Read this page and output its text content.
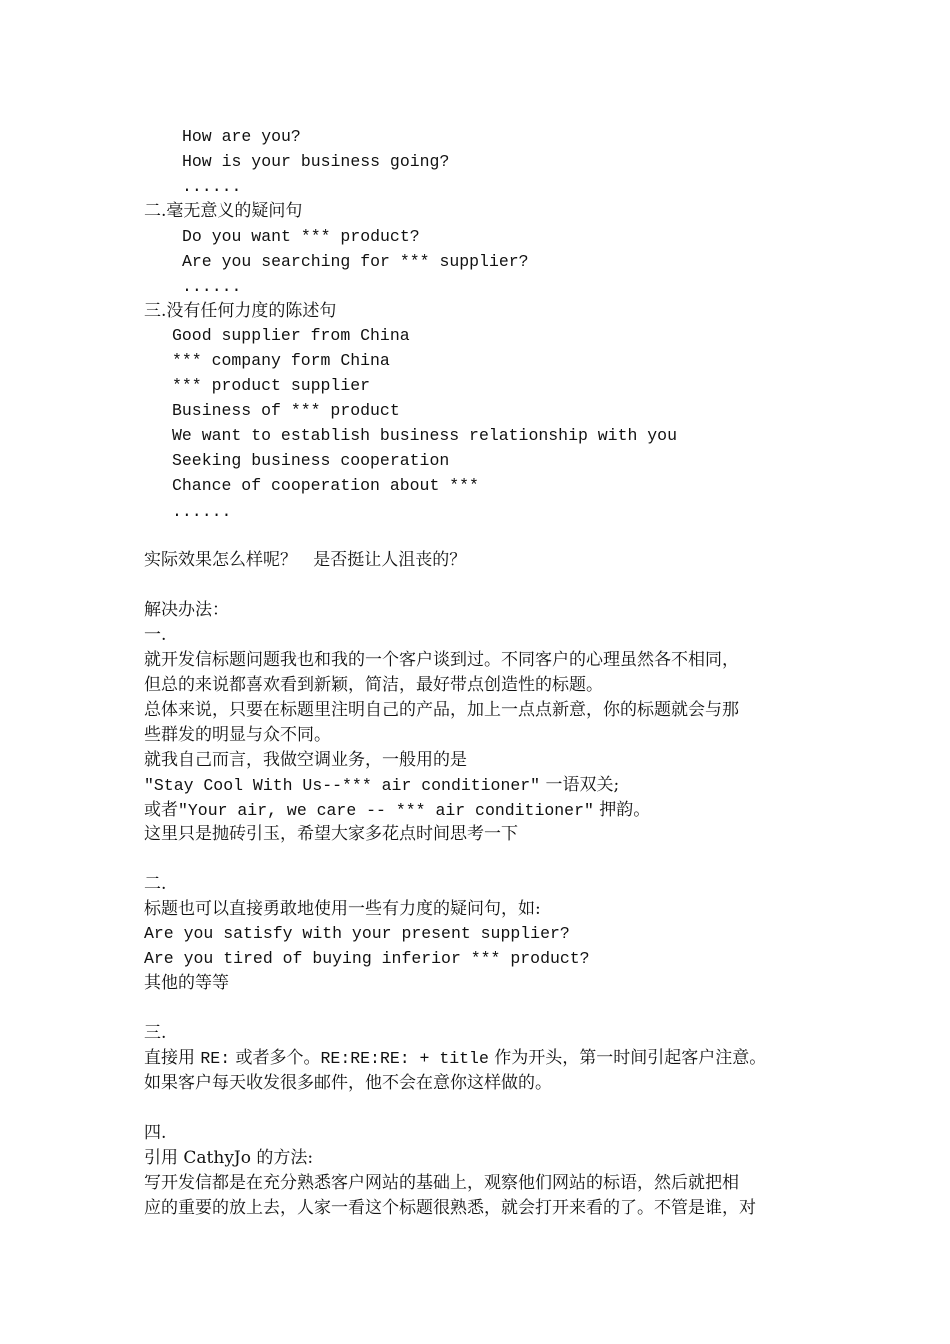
How are you?
How is your business going?
......
二.毫无意义的疑问句
Do you want *** product?
Are you searching for *** supplier?
......
三.没有任何力度的陈述句
Good supplier from China
*** company form China
*** product supplier
Business of *** product
We want to establish business relationship with you
Seeking business cooperation
Chance of cooperation about ***
......
实际效果怎么样呢？   是否挺让人沮丧的？
解决办法：
一.
就开发信标题问题我也和我的一个客户谈到过。不同客户的心理虽然各不相同，
但总的来说都喜欢看到新颖，简洁，最好带点创造性的标题。
总体来说，只要在标题里注明自己的产品，加上一点点新意，你的标题就会与那
些群发的明显与众不同。
就我自己而言，我做空调业务，一般用的是
"Stay Cool With Us--*** air conditioner" 一语双关;
或者"Your air, we care -- *** air conditioner" 押韵。
这里只是抛砖引玉，希望大家多花点时间思考一下
二.
标题也可以直接勇敢地使用一些有力度的疑问句，如:
Are you satisfy with your present supplier?
Are you tired of buying inferior *** product?
其他的等等
三.
直接用 RE: 或者多个。RE:RE:RE: + title 作为开头，第一时间引起客户注意。
如果客户每天收发很多邮件，他不会在意你这样做的。
四.
引用 CathyJo 的方法:
写开发信都是在充分熟悉客户网站的基础上，观察他们网站的标语，然后就把相
应的重要的放上去，人家一看这个标题很熟悉，就会打开来看的了。不管是谁，对
